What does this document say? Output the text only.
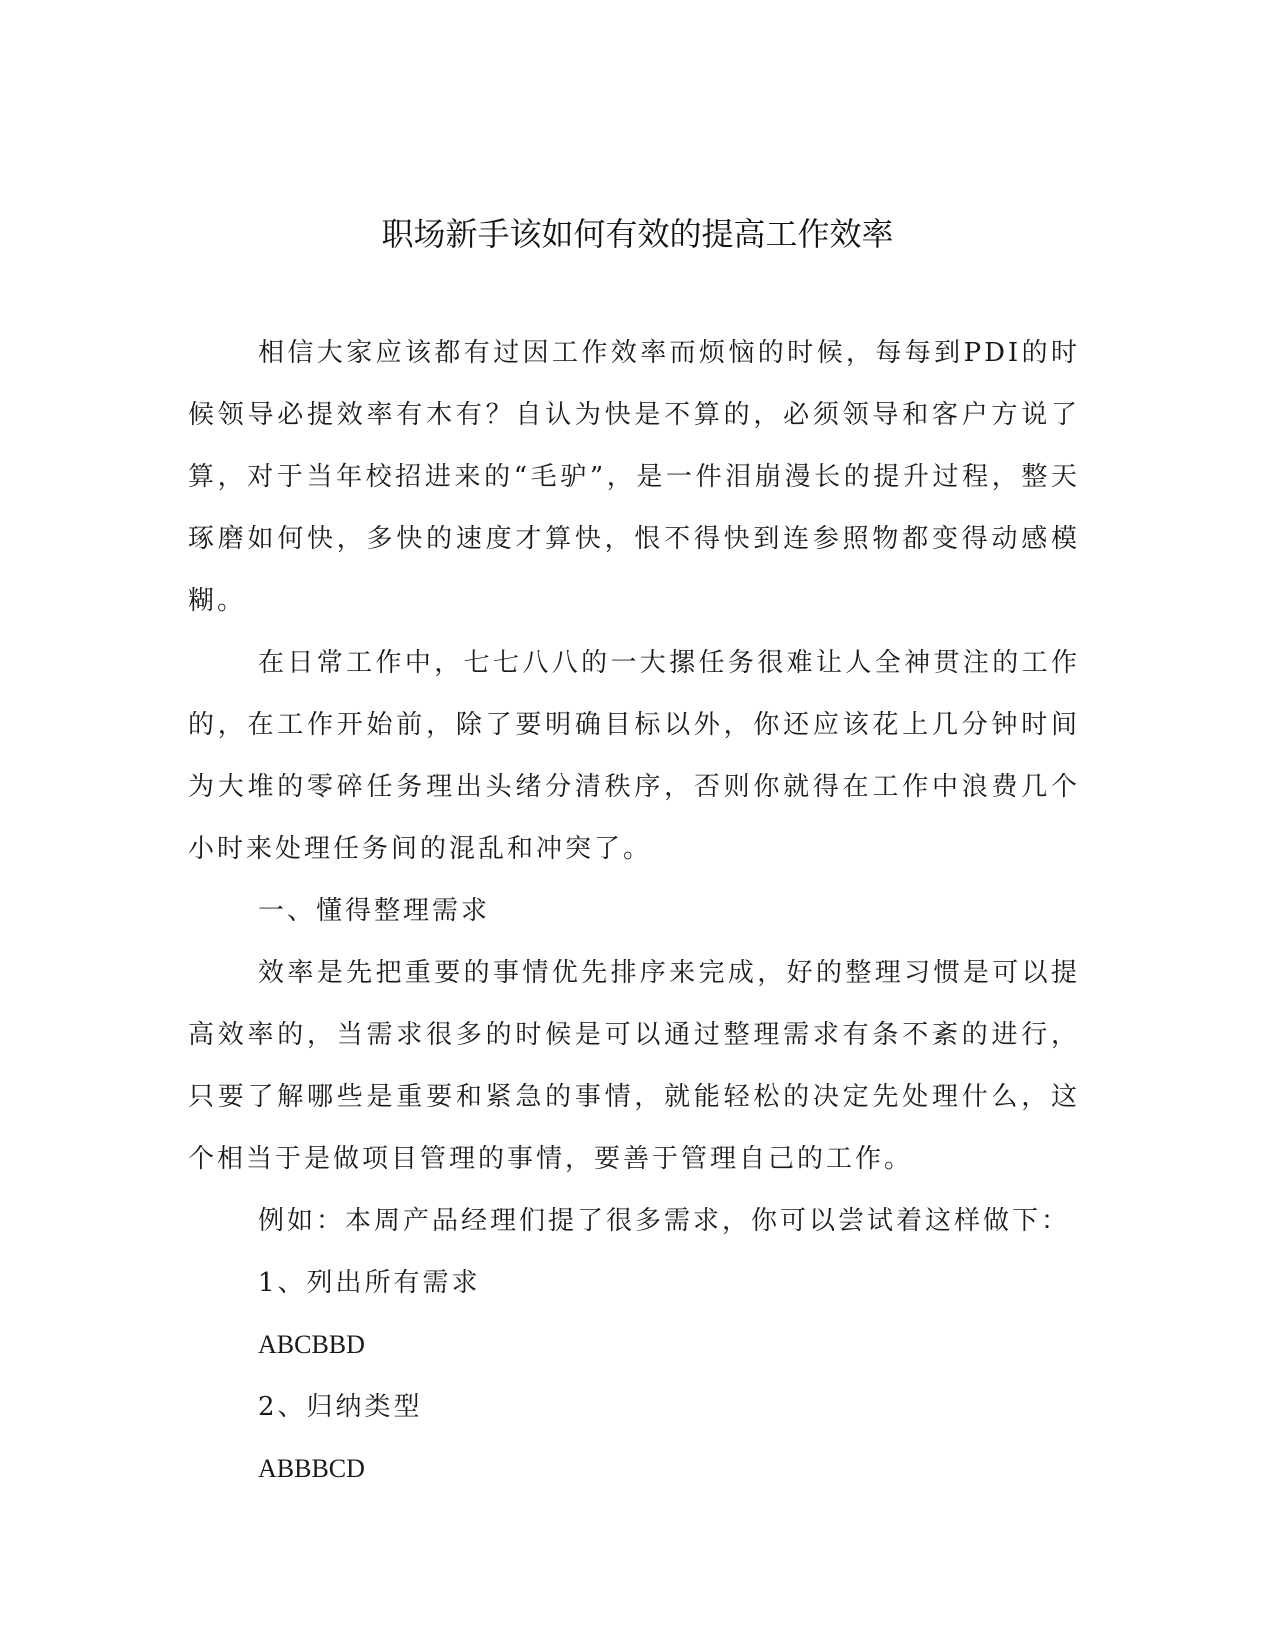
职场新手该如何有效的提高工作效率

相信大家应该都有过因工作效率而烦恼的时候，每每到PDI的时候领导必提效率有木有？自认为快是不算的，必须领导和客户方说了算，对于当年校招进来的“毛驴”，是一件泪崩漫长的提升过程，整天琢磨如何快，多快的速度才算快，恨不得快到连参照物都变得动感模糊。

在日常工作中，七七八八的一大摞任务很难让人全神贯注的工作的，在工作开始前，除了要明确目标以外，你还应该花上几分钟时间为大堆的零碎任务理出头绪分清秩序，否则你就得在工作中浪费几个小时来处理任务间的混乱和冲突了。

一、懂得整理需求

效率是先把重要的事情优先排序来完成，好的整理习惯是可以提高效率的，当需求很多的时候是可以通过整理需求有条不紊的进行，只要了解哪些是重要和紧急的事情，就能轻松的决定先处理什么，这个相当于是做项目管理的事情，要善于管理自己的工作。

例如：本周产品经理们提了很多需求，你可以尝试着这样做下：

1、列出所有需求

ABCBBD

2、归纳类型

ABBBCD
